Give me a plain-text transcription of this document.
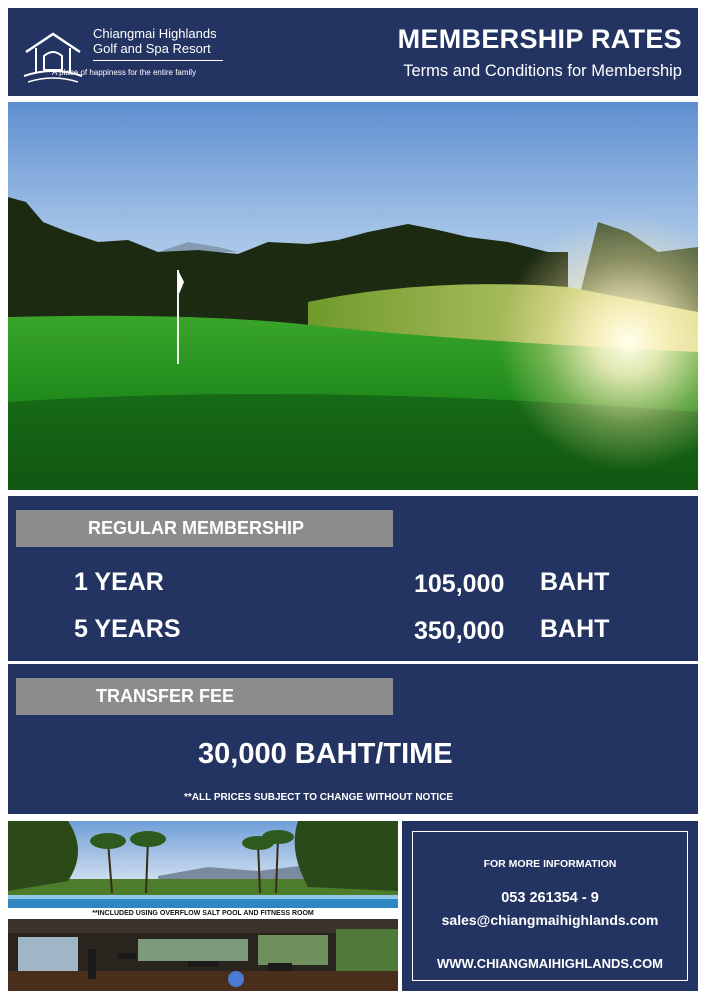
Chiangmai Highlands
Golf and Spa Resort
A place of happiness for the entire family
MEMBERSHIP RATES
Terms and Conditions for Membership
REGULAR MEMBERSHIP
1 YEAR	105,000 BAHT
5 YEARS	350,000 BAHT
TRANSFER FEE
30,000 BAHT/TIME
**ALL PRICES SUBJECT TO CHANGE WITHOUT NOTICE
**INCLUDED USING OVERFLOW SALT POOL AND FITNESS ROOM
FOR MORE INFORMATION
053 261354 - 9
sales@chiangmaihighlands.com
WWW.CHIANGMAIHIGHLANDS.COM
